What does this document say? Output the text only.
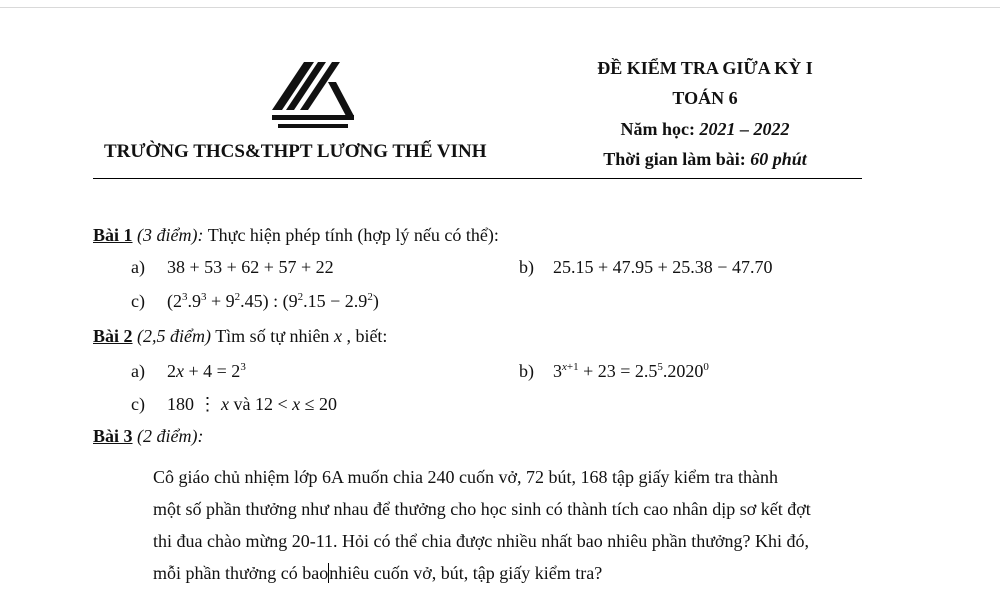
TRƯỜNG THCS&THPT LƯƠNG THẾ VINH
ĐỀ KIỂM TRA GIỮA KỲ I
TOÁN 6
Năm học: 2021 – 2022
Thời gian làm bài: 60 phút
Bài 1 (3 điểm): Thực hiện phép tính (hợp lý nếu có thể):
a) 38 + 53 + 62 + 57 + 22	b) 25.15 + 47.95 + 25.38 − 47.70
c) $(2^3.9^3 + 9^2.45)$ : $(9^2.15 - 2.9^2)$
Bài 2 (2,5 điểm) Tìm số tự nhiên x , biết:
a) $2x + 4 = 2^3$	b) $3^{x+1} + 23 = 2.5^5.2020^0$
c) 180 ⋮ x và 12 < x ≤ 20
Bài 3 (2 điểm):
Cô giáo chủ nhiệm lớp 6A muốn chia 240 cuốn vở, 72 bút, 168 tập giấy kiểm tra thành
một số phần thưởng như nhau để thưởng cho học sinh có thành tích cao nhân dịp sơ kết đợt
thi đua chào mừng 20-11. Hỏi có thể chia được nhiều nhất bao nhiêu phần thưởng? Khi đó,
mỗi phần thưởng có baonhiêu cuốn vở, bút, tập giấy kiểm tra?
